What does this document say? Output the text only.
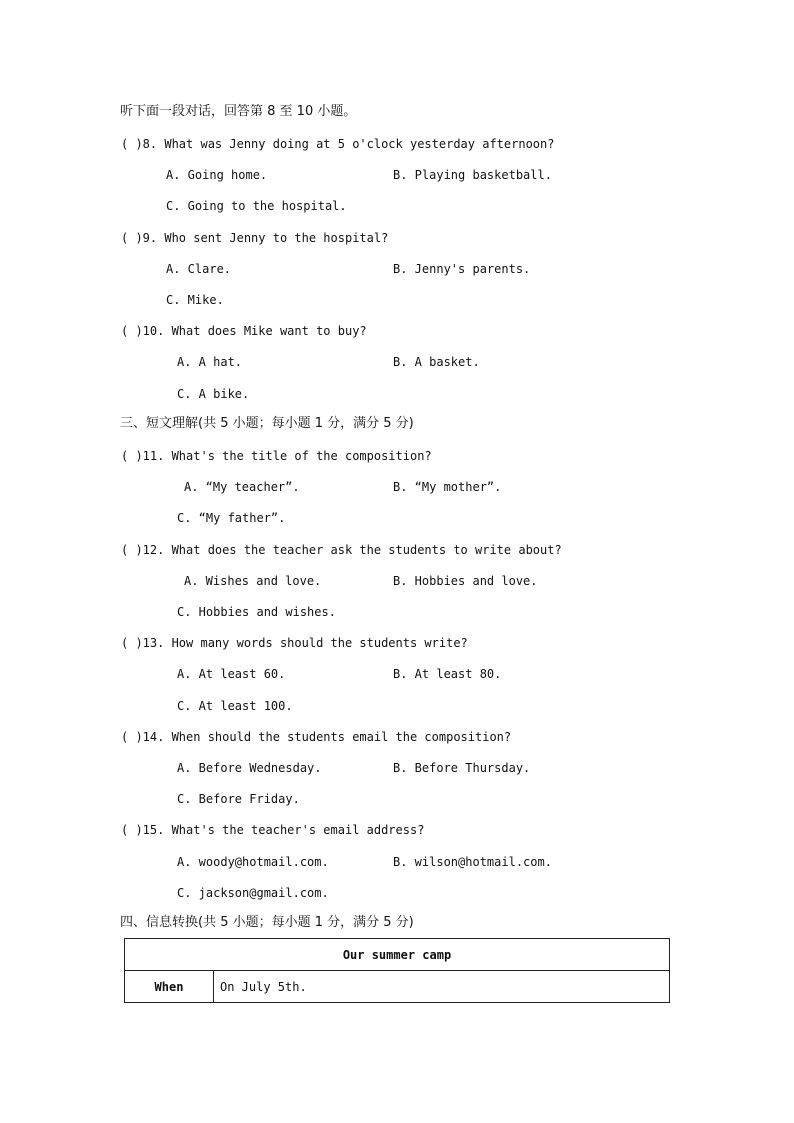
听下面一段对话，回答第 8 至 10 小题。
( )8. What was Jenny doing at 5 o'clock yesterday afternoon?
A. Going home.	B. Playing basketball.
C. Going to the hospital.
( )9. Who sent Jenny to the hospital?
A. Clare.	B. Jenny's parents.
C. Mike.
( )10. What does Mike want to buy?
A. A hat.	B. A basket.
C. A bike.
三、短文理解(共 5 小题；每小题 1 分，满分 5 分)
( )11. What's the title of the composition?
A. “My teacher”.	B. “My mother”.
C. “My father”.
( )12. What does the teacher ask the students to write about?
A. Wishes and love.	B. Hobbies and love.
C. Hobbies and wishes.
( )13. How many words should the students write?
A. At least 60.	B. At least 80.
C. At least 100.
( )14. When should the students email the composition?
A. Before Wednesday.	B. Before Thursday.
C. Before Friday.
( )15. What's the teacher's email address?
A. woody@hotmail.com.	B. wilson@hotmail.com.
C. jackson@gmail.com.
四、信息转换(共 5 小题；每小题 1 分，满分 5 分)
Our summer camp
When	On July 5th.
